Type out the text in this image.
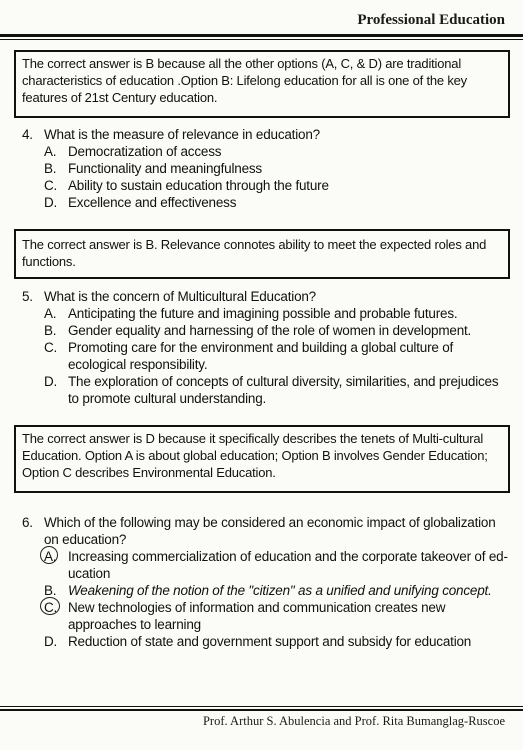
Professional Education
The correct answer is B because all the other options (A, C, & D) are traditional characteristics of education .Option B: Lifelong education for all is one of the key features of 21st Century education.
4. What is the measure of relevance in education?
A. Democratization of access
B. Functionality and meaningfulness
C. Ability to sustain education through the future
D. Excellence and effectiveness
The correct answer is B. Relevance connotes ability to meet the expected roles and functions.
5. What is the concern of Multicultural Education?
A. Anticipating the future and imagining possible and probable futures.
B. Gender equality and harnessing of the role of women in development.
C. Promoting care for the environment and building a global culture of ecological responsibility.
D. The exploration of concepts of cultural diversity, similarities, and prejudices to promote cultural understanding.
The correct answer is D because it specifically describes the tenets of Multi-cultural Education. Option A is about global education; Option B involves Gender Education; Option C describes Environmental Education.
6. Which of the following may be considered an economic impact of globalization on education?
A. Increasing commercialization of education and the corporate takeover of ed- ucation
B. Weakening of the notion of the "citizen" as a unified and unifying concept.
C. New technologies of information and communication creates new approaches to learning
D. Reduction of state and government support and subsidy for education
Prof. Arthur S. Abulencia and Prof. Rita Bumanglag-Ruscoe
